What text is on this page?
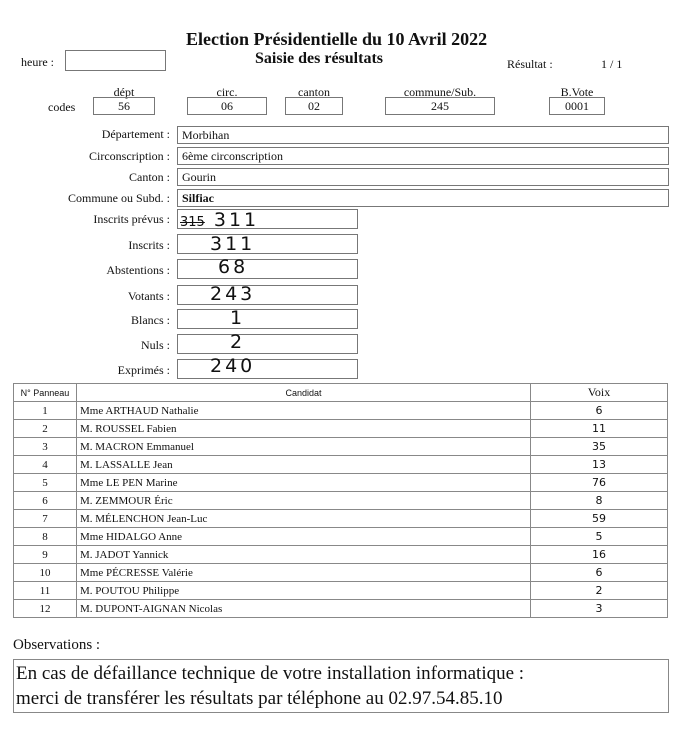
Election Présidentielle du 10 Avril 2022
heure :	Saisie des résultats	Résultat :	1 / 1
dépt	circ.	canton	commune/Sub.	B.Vote
codes	56	06	02	245	0001
Département :	Morbihan
Circonscription :	6ème circonscription
Canton :	Gourin
Commune ou Subd. :	Silfiac
Inscrits prévus : 315 311
Inscrits : 311
Abstentions :	68
Votants : 243
Blancs :	1
Nuls :	2
Exprimés : 240
N° Panneau	Candidat	Voix
1	Mme ARTHAUD Nathalie	6
2	M. ROUSSEL Fabien	11
3	M. MACRON Emmanuel	35
4	M. LASSALLE Jean	13
5	Mme LE PEN Marine	76
6	M. ZEMMOUR Éric	8
7	M. MÉLENCHON Jean-Luc	59
8	Mme HIDALGO Anne	5
9	M. JADOT Yannick	16
10	Mme PÉCRESSE Valérie	6
11	M. POUTOU Philippe	2
12	M. DUPONT-AIGNAN Nicolas	3
Observations :
En cas de défaillance technique de votre installation informatique :
merci de transférer les résultats par téléphone au 02.97.54.85.10
